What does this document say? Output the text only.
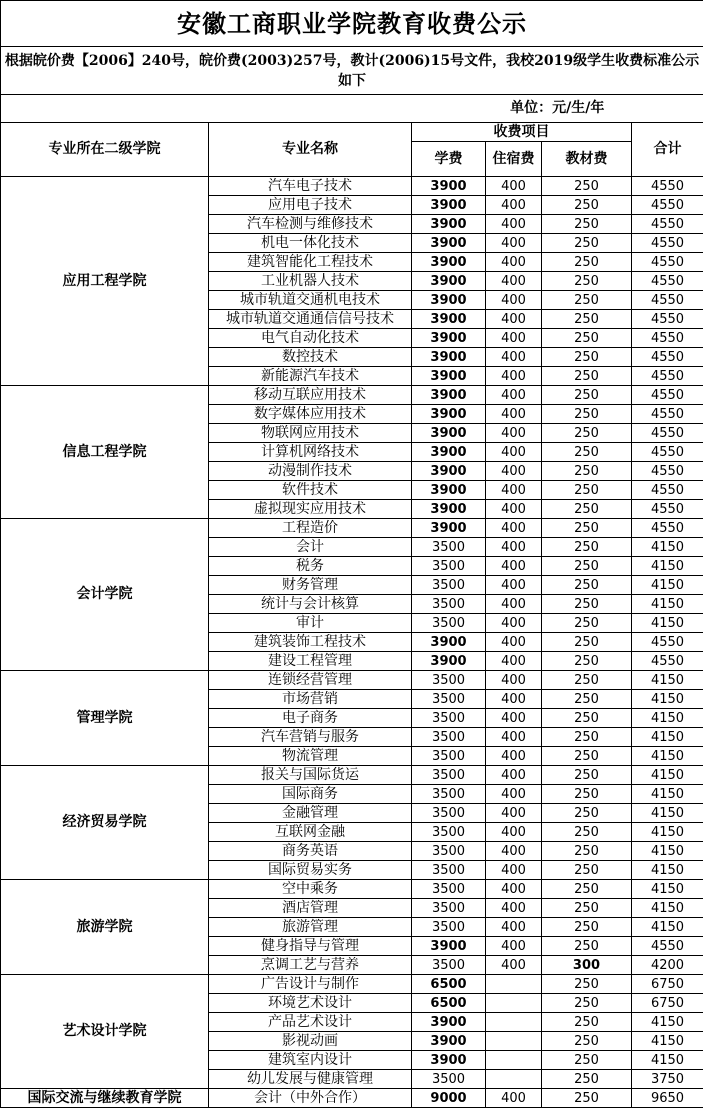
安徽工商职业学院教育收费公示					
根据皖价费【2006】240号，皖价费(2003)257号，教计(2006)15号文件，我校2019级学生收费标准公示如下					
		单位：元/生/年			
专业所在二级学院	专业名称	收费项目			合计
		学费	住宿费	教材费	
应用工程学院	汽车电子技术	3900	400	250	4550
	应用电子技术	3900	400	250	4550
	汽车检测与维修技术	3900	400	250	4550
	机电一体化技术	3900	400	250	4550
	建筑智能化工程技术	3900	400	250	4550
	工业机器人技术	3900	400	250	4550
	城市轨道交通机电技术	3900	400	250	4550
	城市轨道交通通信信号技术	3900	400	250	4550
	电气自动化技术	3900	400	250	4550
	数控技术	3900	400	250	4550
	新能源汽车技术	3900	400	250	4550
信息工程学院	移动互联应用技术	3900	400	250	4550
	数字媒体应用技术	3900	400	250	4550
	物联网应用技术	3900	400	250	4550
	计算机网络技术	3900	400	250	4550
	动漫制作技术	3900	400	250	4550
	软件技术	3900	400	250	4550
	虚拟现实应用技术	3900	400	250	4550
会计学院	工程造价	3900	400	250	4550
	会计	3500	400	250	4150
	税务	3500	400	250	4150
	财务管理	3500	400	250	4150
	统计与会计核算	3500	400	250	4150
	审计	3500	400	250	4150
	建筑装饰工程技术	3900	400	250	4550
	建设工程管理	3900	400	250	4550
管理学院	连锁经营管理	3500	400	250	4150
	市场营销	3500	400	250	4150
	电子商务	3500	400	250	4150
	汽车营销与服务	3500	400	250	4150
	物流管理	3500	400	250	4150
经济贸易学院	报关与国际货运	3500	400	250	4150
	国际商务	3500	400	250	4150
	金融管理	3500	400	250	4150
	互联网金融	3500	400	250	4150
	商务英语	3500	400	250	4150
	国际贸易实务	3500	400	250	4150
旅游学院	空中乘务	3500	400	250	4150
	酒店管理	3500	400	250	4150
	旅游管理	3500	400	250	4150
	健身指导与管理	3900	400	250	4550
	烹调工艺与营养	3500	400	300	4200
艺术设计学院	广告设计与制作	6500		250	6750
	环境艺术设计	6500		250	6750
	产品艺术设计	3900		250	4150
	影视动画	3900		250	4150
	建筑室内设计	3900		250	4150
	幼儿发展与健康管理	3500		250	3750
国际交流与继续教育学院	会计（中外合作）	9000	400	250	9650
